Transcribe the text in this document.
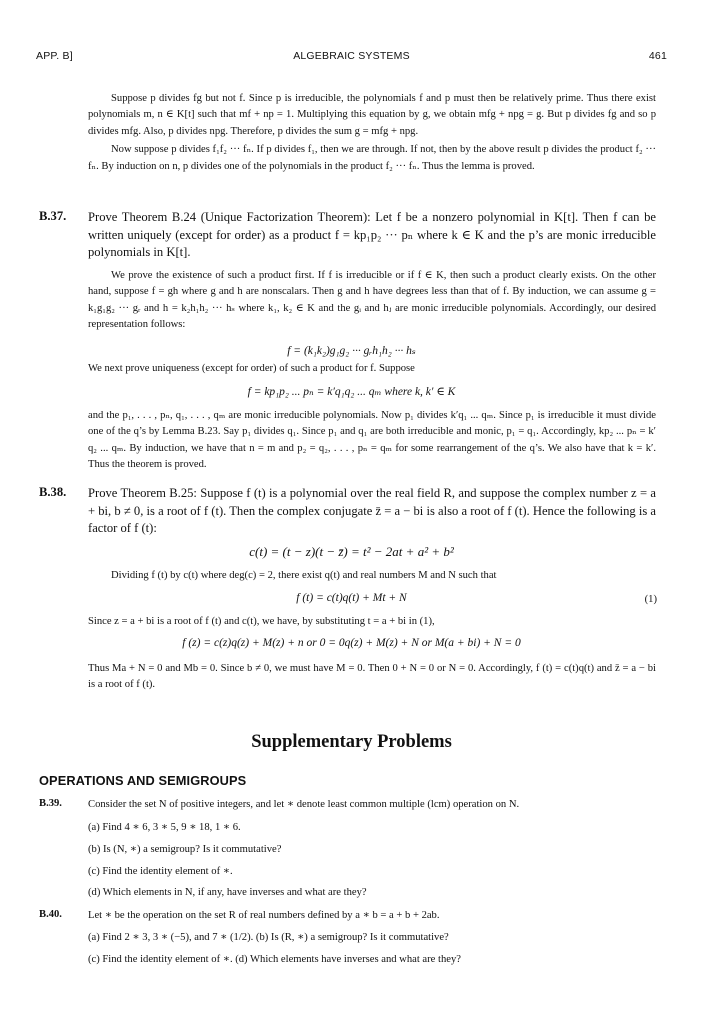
APP. B]	ALGEBRAIC SYSTEMS	461

Suppose p divides fg but not f. Since p is irreducible, the polynomials f and p must then be relatively prime. Thus there exist polynomials m, n ∈ K[t] such that mf + np = 1. Multiplying this equation by g, we obtain mfg + npg = g. But p divides fg and so p divides mfg. Also, p divides npg. Therefore, p divides the sum g = mfg + npg.

Now suppose p divides f₁f₂ ··· fₙ. If p divides f₁, then we are through. If not, then by the above result p divides the product f₂ ··· fₙ. By induction on n, p divides one of the polynomials in the product f₂ ··· fₙ. Thus the lemma is proved.

B.37. Prove Theorem B.24 (Unique Factorization Theorem): Let f be a nonzero polynomial in K[t]. Then f can be written uniquely (except for order) as a product f = kp₁p₂ ··· pₙ where k ∈ K and the p’s are monic irreducible polynomials in K[t].

We prove the existence of such a product first. If f is irreducible or if f ∈ K, then such a product clearly exists. On the other hand, suppose f = gh where g and h are nonscalars. Then g and h have degrees less than that of f. By induction, we can assume g = k₁g₁g₂ ··· gᵣ and h = k₂h₁h₂ ··· hₛ where k₁, k₂ ∈ K and the gᵢ and hⱼ are monic irreducible polynomials. Accordingly, our desired representation follows:

f = (k₁k₂)g₁g₂ ··· gᵣh₁h₂ ··· hₛ

We next prove uniqueness (except for order) of such a product for f. Suppose

f = kp₁p₂ ... pₙ = k′q₁q₂ ... qₘ where k, k′ ∈ K

and the p₁, . . . , pₙ, q₁, . . . , qₘ are monic irreducible polynomials. Now p₁ divides k′q₁ ... qₘ. Since p₁ is irreducible it must divide one of the q’s by Lemma B.23. Say p₁ divides q₁. Since p₁ and q₁ are both irreducible and monic, p₁ = q₁. Accordingly, kp₂ ... pₙ = k′ q₂ ... qₘ. By induction, we have that n = m and p₂ = q₂, . . . , pₙ = qₘ for some rearrangement of the q’s. We also have that k = k′. Thus the theorem is proved.

B.38. Prove Theorem B.25: Suppose f (t) is a polynomial over the real field R, and suppose the complex number z = a + bi, b ≠ 0, is a root of f (t). Then the complex conjugate z̄ = a − bi is also a root of f (t). Hence the following is a factor of f (t):

c(t) = (t − z)(t − z̄) = t² − 2at + a² + b²

Dividing f (t) by c(t) where deg(c) = 2, there exist q(t) and real numbers M and N such that

f (t) = c(t)q(t) + Mt + N	(1)

Since z = a + bi is a root of f (t) and c(t), we have, by substituting t = a + bi in (1),

f (z) = c(z)q(z) + M(z) + n or 0 = 0q(z) + M(z) + N or M(a + bi) + N = 0

Thus Ma + N = 0 and Mb = 0. Since b ≠ 0, we must have M = 0. Then 0 + N = 0 or N = 0. Accordingly, f (t) = c(t)q(t) and z̄ = a − bi is a root of f (t).

Supplementary Problems
OPERATIONS AND SEMIGROUPS
B.39. Consider the set N of positive integers, and let ∗ denote least common multiple (lcm) operation on N.
(a) Find 4 ∗ 6, 3 ∗ 5, 9 ∗ 18, 1 ∗ 6.
(b) Is (N, ∗) a semigroup? Is it commutative?
(c) Find the identity element of ∗.
(d) Which elements in N, if any, have inverses and what are they?
B.40. Let ∗ be the operation on the set R of real numbers defined by a ∗ b = a + b + 2ab.
(a) Find 2 ∗ 3, 3 ∗ (−5), and 7 ∗ (1/2). (b) Is (R, ∗) a semigroup? Is it commutative?
(c) Find the identity element of ∗. (d) Which elements have inverses and what are they?
